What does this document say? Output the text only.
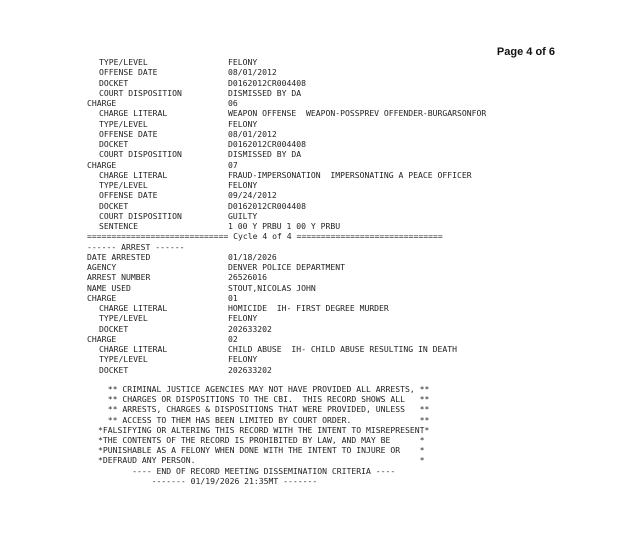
Page 4 of 6
TYPE/LEVEL	FELONY
OFFENSE DATE	08/01/2012
DOCKET	D0162012CR004408
COURT DISPOSITION	DISMISSED BY DA
CHARGE	06
CHARGE LITERAL	WEAPON OFFENSE  WEAPON-POSSPREV OFFENDER-BURGARSONFOR
TYPE/LEVEL	FELONY
OFFENSE DATE	08/01/2012
DOCKET	D0162012CR004408
COURT DISPOSITION	DISMISSED BY DA
CHARGE	07
CHARGE LITERAL	FRAUD-IMPERSONATION  IMPERSONATING A PEACE OFFICER
TYPE/LEVEL	FELONY
OFFENSE DATE	09/24/2012
DOCKET	D0162012CR004408
COURT DISPOSITION	GUILTY
SENTENCE	1 00 Y PRBU 1 00 Y PRBU
============================= Cycle 4 of 4 ==============================
------ ARREST ------
DATE ARRESTED	01/18/2026
AGENCY	DENVER POLICE DEPARTMENT
ARREST NUMBER	26526016
NAME USED	STOUT,NICOLAS JOHN
CHARGE	01
CHARGE LITERAL	HOMICIDE  IH- FIRST DEGREE MURDER
TYPE/LEVEL	FELONY
DOCKET	202633202
CHARGE	02
CHARGE LITERAL	CHILD ABUSE  IH- CHILD ABUSE RESULTING IN DEATH
TYPE/LEVEL	FELONY
DOCKET	202633202
** CRIMINAL JUSTICE AGENCIES MAY NOT HAVE PROVIDED ALL ARRESTS, **
** CHARGES OR DISPOSITIONS TO THE CBI.  THIS RECORD SHOWS ALL   **
** ARRESTS, CHARGES & DISPOSITIONS THAT WERE PROVIDED, UNLESS   **
** ACCESS TO THEM HAS BEEN LIMITED BY COURT ORDER.              **
*FALSIFYING OR ALTERING THIS RECORD WITH THE INTENT TO MISREPRESENT*
*THE CONTENTS OF THE RECORD IS PROHIBITED BY LAW, AND MAY BE      *
*PUNISHABLE AS A FELONY WHEN DONE WITH THE INTENT TO INJURE OR    *
*DEFRAUD ANY PERSON.                                              *
---- END OF RECORD MEETING DISSEMINATION CRITERIA ----
------- 01/19/2026 21:35MT -------
